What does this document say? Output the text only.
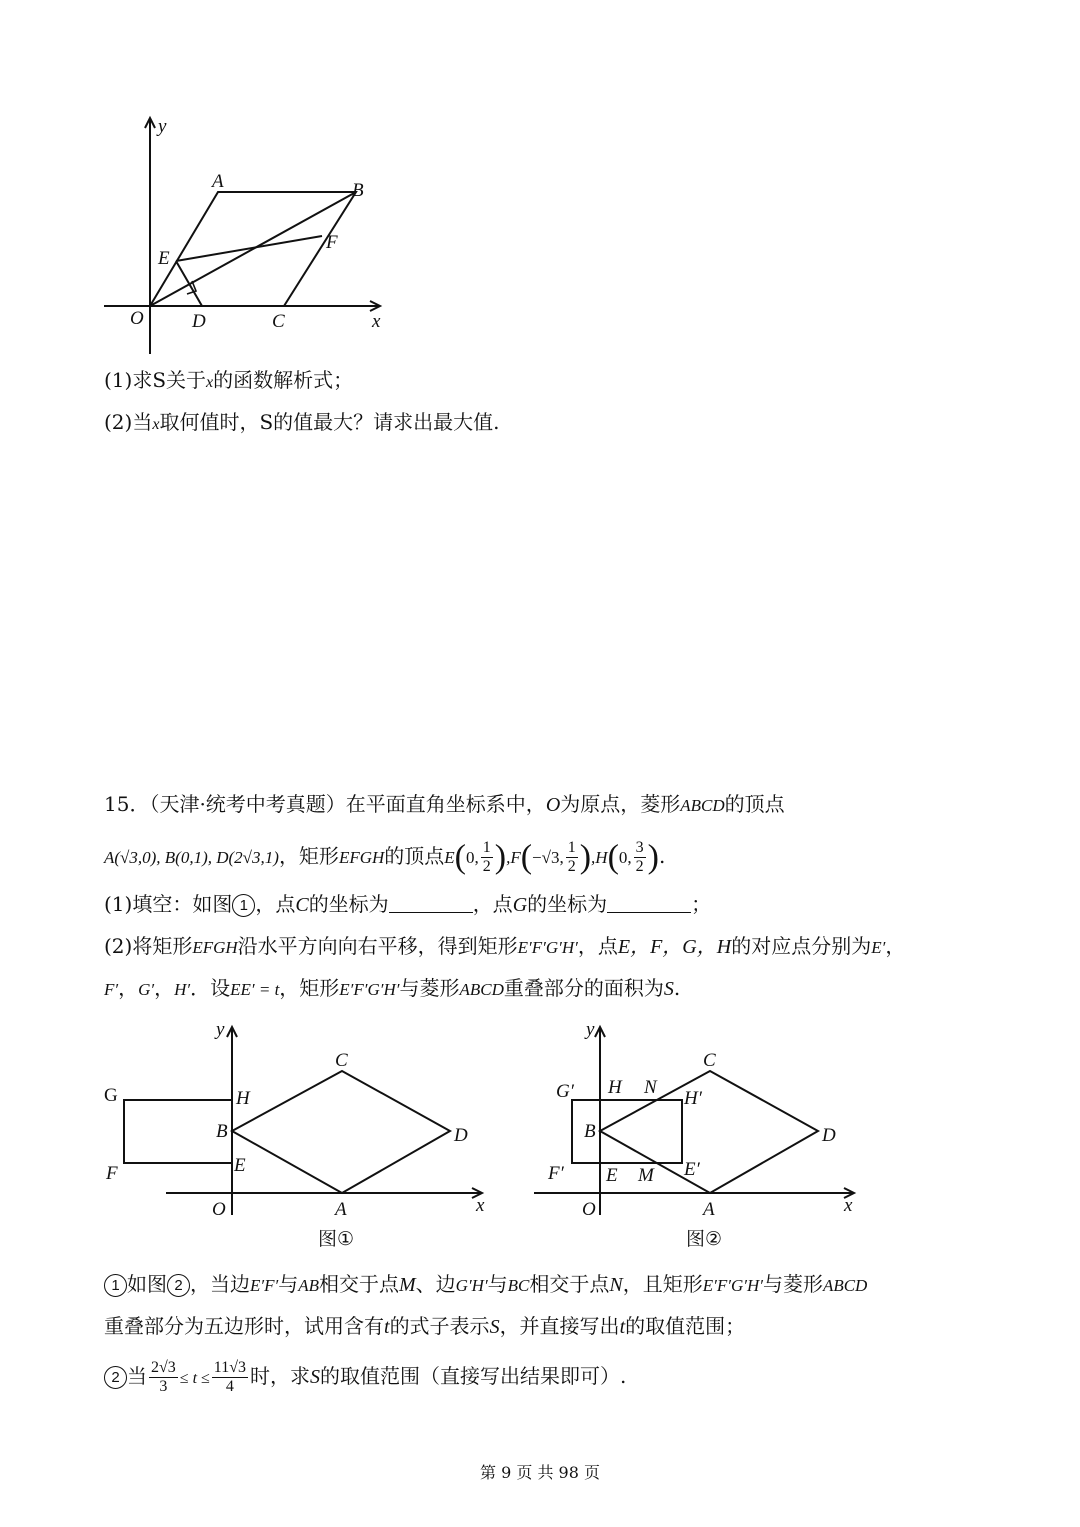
y
A	B
E
F
O	D	C	x
(1)求S关于x的函数解析式；
(2)当x取何值时，S的值最大？请求出最大值.
15．（天津·统考中考真题）在平面直角坐标系中，O为原点，菱形ABCD的顶点
A(√3,0), B(0,1), D(2√3,1)，矩形EFGH的顶点E(0, $\frac{1}{2} ),F(-√3$, $\frac{1}{2} ),H(0$, $\frac{3}{2}$ ).
(1)填空：如图 1 ，点C的坐标为	，点G的坐标为	；
(2)将矩形EFGH沿水平方向向右平移，得到矩形E′F′G′H′，点E，F，G，H的对应点分别为E′，
F′，G′，H′．设EE′ = t，矩形E′F′G′H′与菱形ABCD重叠部分的面积为S.
y
G	H
B
C
D
F	E
O	A	x
图①
y
G′ H N
H′
C
B	D
F′ E M E′
O	A	x
图②
1 如图 2 ，当边E′F′与AB相交于点M、边G′H′与BC相交于点N，且矩形E′F′G′H′与菱形ABCD
重叠部分为五边形时，试用含有t的式子表示S，并直接写出t的取值范围；
2 当 $\frac{2√3}{3} \le t \le \frac{11√3}{4}$ 时，求S的取值范围（直接写出结果即可）.
第 9 页 共 98 页
